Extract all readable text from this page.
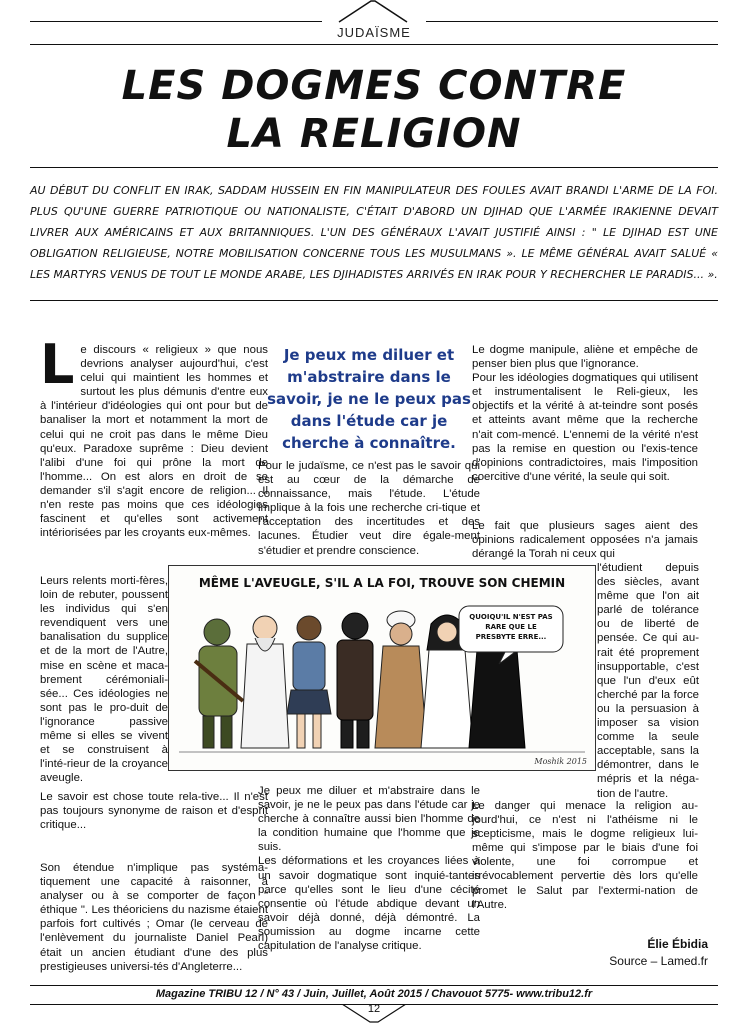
JUDAÏSME
LES DOGMES CONTRE
LA RELIGION
AU DÉBUT DU CONFLIT EN IRAK, SADDAM HUSSEIN EN FIN MANIPULATEUR DES FOULES AVAIT BRANDI L'ARME DE LA FOI. PLUS QU'UNE GUERRE PATRIOTIQUE OU NATIONALISTE, C'ÉTAIT D'ABORD UN DJIHAD QUE L'ARMÉE IRAKIENNE DEVAIT LIVRER AUX AMÉRICAINS ET AUX BRITANNIQUES. L'UN DES GÉNÉRAUX L'AVAIT JUSTIFIÉ AINSI : " LE DJIHAD EST UNE OBLIGATION RELIGIEUSE, NOTRE MOBILISATION CONCERNE TOUS LES MUSULMANS ». LE MÊME GÉNÉRAL AVAIT SALUÉ « LES MARTYRS VENUS DE TOUT LE MONDE ARABE, LES DJIHADISTES ARRIVÉS EN IRAK POUR Y RECHERCHER LE PARADIS... ».
L e discours « religieux » que nous devrions analyser aujourd'hui, c'est celui qui maintient les hommes et surtout les plus démunis d'entre eux à l'intérieur d'idéologies qui ont pour but de banaliser la mort et notamment la mort de celui qui ne croit pas dans le même Dieu qu'eux. Paradoxe suprême : Dieu devient l'alibi d'une foi qui prône la mort de l'homme... On est alors en droit de se demander s'il s'agit encore de religion... Il n'en reste pas moins que ces idéologies fascinent et qu'elles sont activement intériorisées par les croyants eux-mêmes.

Leurs relents morti-fères, loin de rebuter, poussent les individus qui s'en revendiquent vers une banalisation du supplice et de la mort de l'Autre, mise en scène et maca-brement cérémoniali-sée... Ces idéologies ne sont pas le pro-duit de l'ignorance passive même si elles se vivent et se construisent à l'inté-rieur de la croyance aveugle.

Le savoir est chose toute rela-tive... Il n'est pas toujours synonyme de raison et d'esprit critique...

Son étendue n'implique pas systéma-tiquement une capacité à raisonner, à analyser ou à se comporter de façon " éthique ". Les théoriciens du nazisme étaient parfois fort cultivés ; Omar (le cerveau de l'enlèvement du journaliste Daniel Pearl) était un ancien étudiant d'une des plus prestigieuses universi-tés d'Angleterre...

Je peux me diluer et m'abstraire dans le savoir, je ne le peux pas dans l'étude car je cherche à connaître.

Pour le judaïsme, ce n'est pas le savoir qui est au cœur de la démarche de connaissance, mais l'étude. L'étude implique à la fois une recherche cri-tique et l'acceptation des incertitudes et des lacunes. Étudier veut dire égale-ment s'étudier et prendre conscience.

Je peux me diluer et m'abstraire dans le savoir, je ne le peux pas dans l'étude car je cherche à connaître aussi bien l'homme de la condition humaine que l'homme que je suis.

Les déformations et les croyances liées à un savoir dogmatique sont inquié-tantes parce qu'elles sont le lieu d'une cécité consentie où l'étude abdique devant un savoir déjà donné, déjà démontré. La soumission au dogme incarne cette capitulation de l'analyse critique.

Le dogme manipule, aliène et empêche de penser bien plus que l'ignorance.

Pour les idéologies dogmatiques qui utilisent et instrumentalisent le Reli-gieux, les objectifs et la vérité à at-teindre sont posés et atteints avant même que la recherche n'ait com-mencé. L'ennemi de la vérité n'est pas la remise en question ou l'exis-tence d'opinions contradictoires, mais l'imposition coercitive d'une vérité, la seule qui soit.

Le fait que plusieurs sages aient des opinions radicalement opposées n'a jamais dérangé la Torah ni ceux qui

l'étudient depuis des siècles, avant même que l'on ait parlé de tolérance ou de liberté de pensée. Ce qui au-rait été proprement insupportable, c'est que l'un d'eux eût cherché par la force ou la persuasion à imposer sa vision comme la seule acceptable, sans la démontrer, dans le mépris et la néga-tion de l'autre.

Le danger qui menace la religion au-jourd'hui, ce n'est ni l'athéisme ni le scepticisme, mais le dogme religieux lui-même qui s'impose par le biais d'une foi violente, une foi corrompue et irrévocablement pervertie dès lors qu'elle promet le Salut par l'extermi-nation de l'Autre.

MÊME L'AVEUGLE, S'IL A LA FOI, TROUVE SON CHEMIN
QUOIQU'IL N'EST PAS
RARE QUE LE
PRESBYTE ERRE...
Moshik 2015
Élie Ébidia
Source – Lamed.fr
Magazine TRIBU 12 / N° 43 / Juin, Juillet, Août 2015 / Chavouot 5775- www.tribu12.fr
12
